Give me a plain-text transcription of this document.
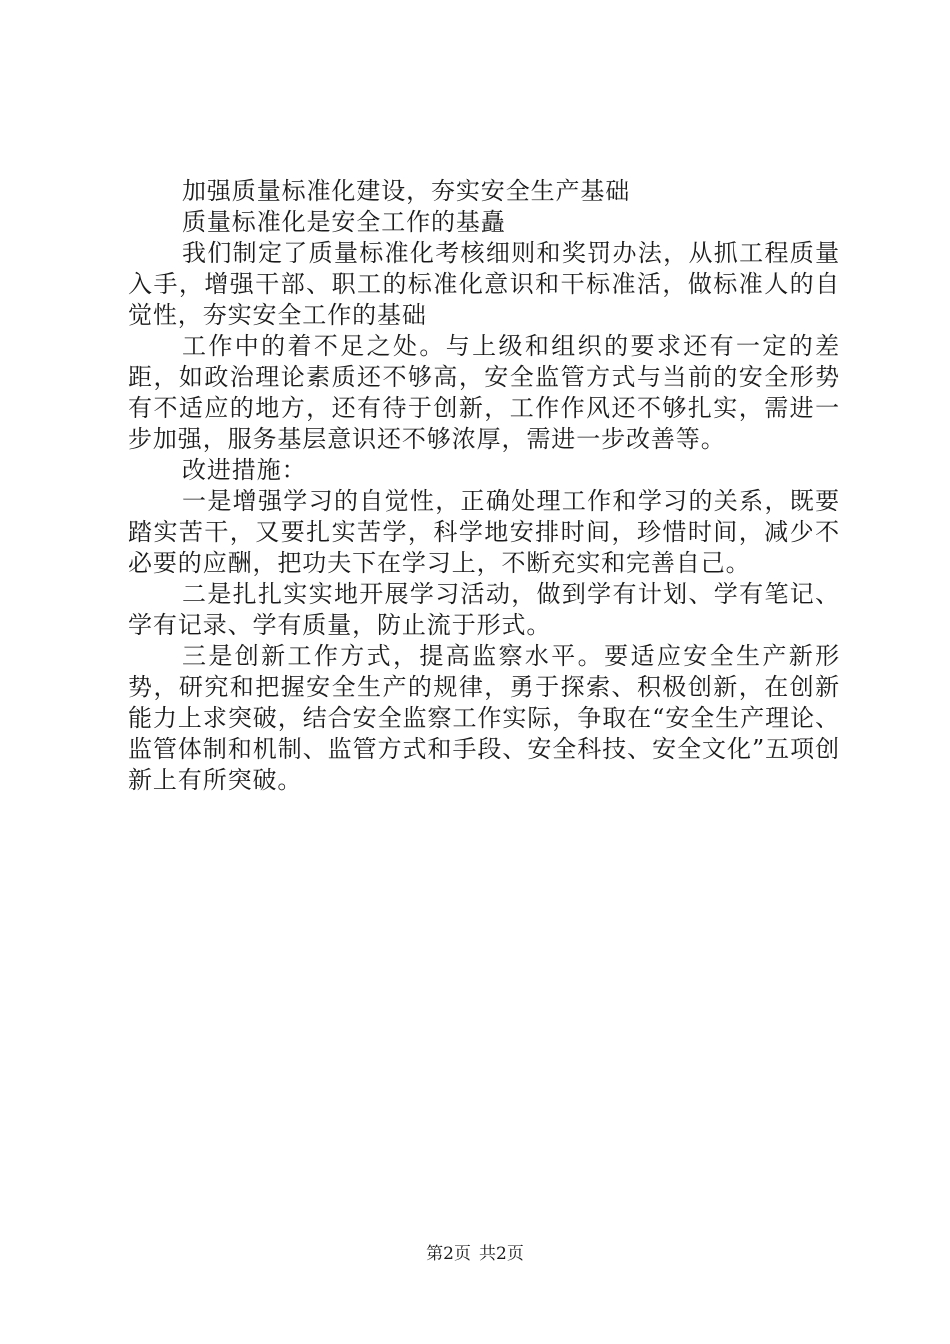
加强质量标准化建设，夯实安全生产基础

质量标准化是安全工作的基矗

我们制定了质量标准化考核细则和奖罚办法，从抓工程质量入手，增强干部、职工的标准化意识和干标准活，做标准人的自觉性，夯实安全工作的基础

工作中的着不足之处。与上级和组织的要求还有一定的差距，如政治理论素质还不够高，安全监管方式与当前的安全形势有不适应的地方，还有待于创新，工作作风还不够扎实，需进一步加强，服务基层意识还不够浓厚，需进一步改善等。

改进措施：

一是增强学习的自觉性，正确处理工作和学习的关系，既要踏实苦干，又要扎实苦学，科学地安排时间，珍惜时间，减少不必要的应酬，把功夫下在学习上，不断充实和完善自己。

二是扎扎实实地开展学习活动，做到学有计划、学有笔记、学有记录、学有质量，防止流于形式。

三是创新工作方式，提高监察水平。要适应安全生产新形势，研究和把握安全生产的规律，勇于探索、积极创新，在创新能力上求突破，结合安全监察工作实际，争取在“安全生产理论、监管体制和机制、监管方式和手段、安全科技、安全文化”五项创新上有所突破。

第2页 共2页
